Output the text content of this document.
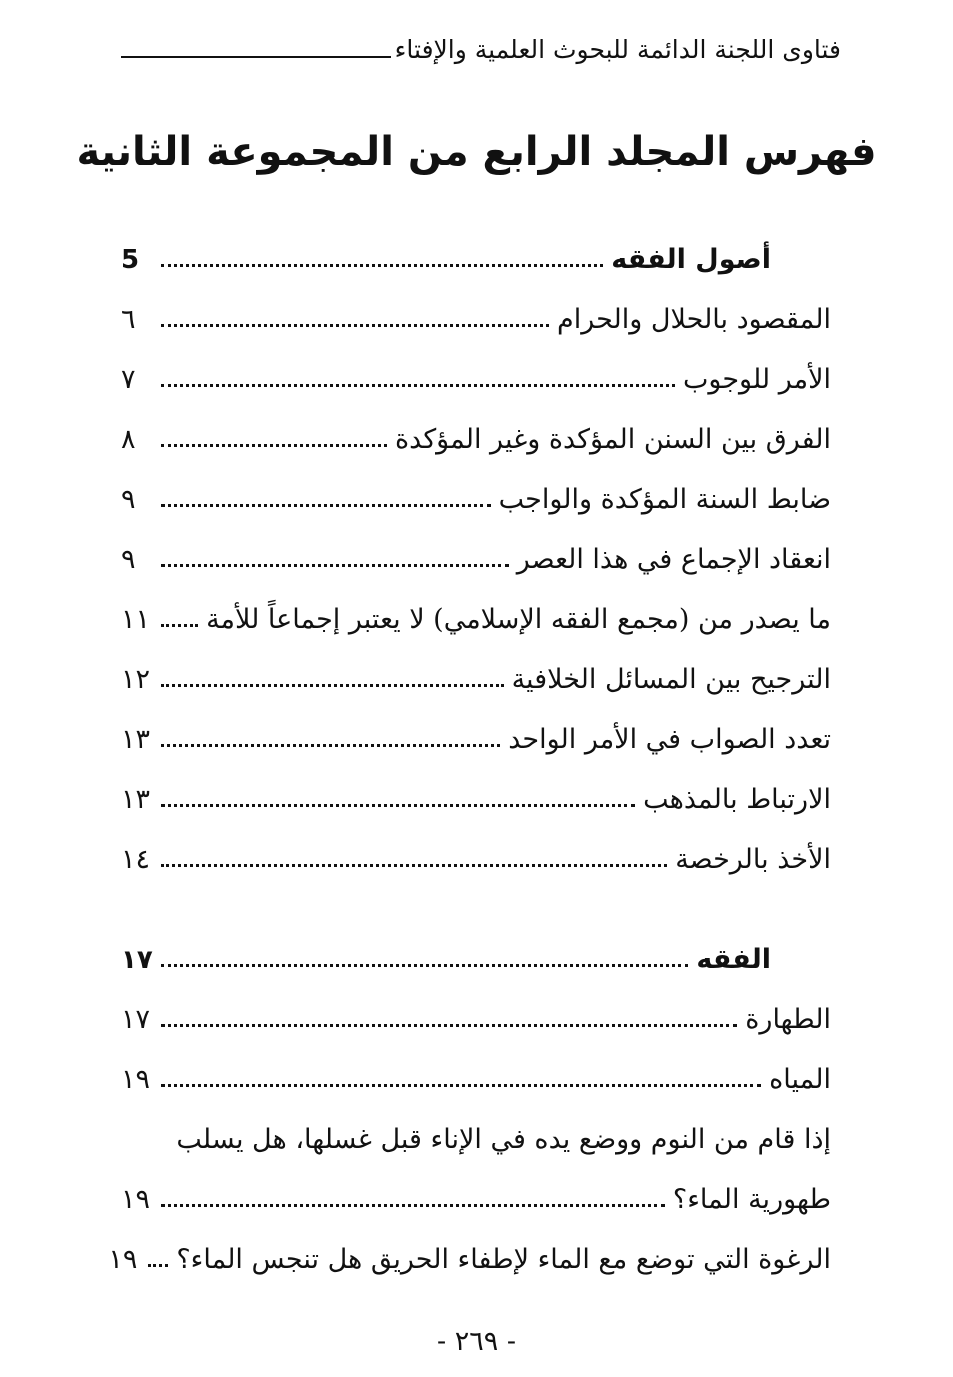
فتاوى اللجنة الدائمة للبحوث العلمية والإفتاء
فهرس المجلد الرابع من المجموعة الثانية
أصول الفقه
5
المقصود بالحلال والحرام
٦
الأمر للوجوب
٧
الفرق بين السنن المؤكدة وغير المؤكدة
٨
ضابط السنة المؤكدة والواجب
٩
انعقاد الإجماع في هذا العصر
٩
ما يصدر من (مجمع الفقه الإسلامي) لا يعتبر إجماعاً للأمة
١١
الترجيح بين المسائل الخلافية
١٢
تعدد الصواب في الأمر الواحد
١٣
الارتباط بالمذهب
١٣
الأخذ بالرخصة
١٤
الفقه
١٧
الطهارة
١٧
المياه
١٩
إذا قام من النوم ووضع يده في الإناء قبل غسلها، هل يسلب
طهورية الماء؟
١٩
الرغوة التي توضع مع الماء لإطفاء الحريق هل تنجس الماء؟
١٩
- ٢٦٩ -
